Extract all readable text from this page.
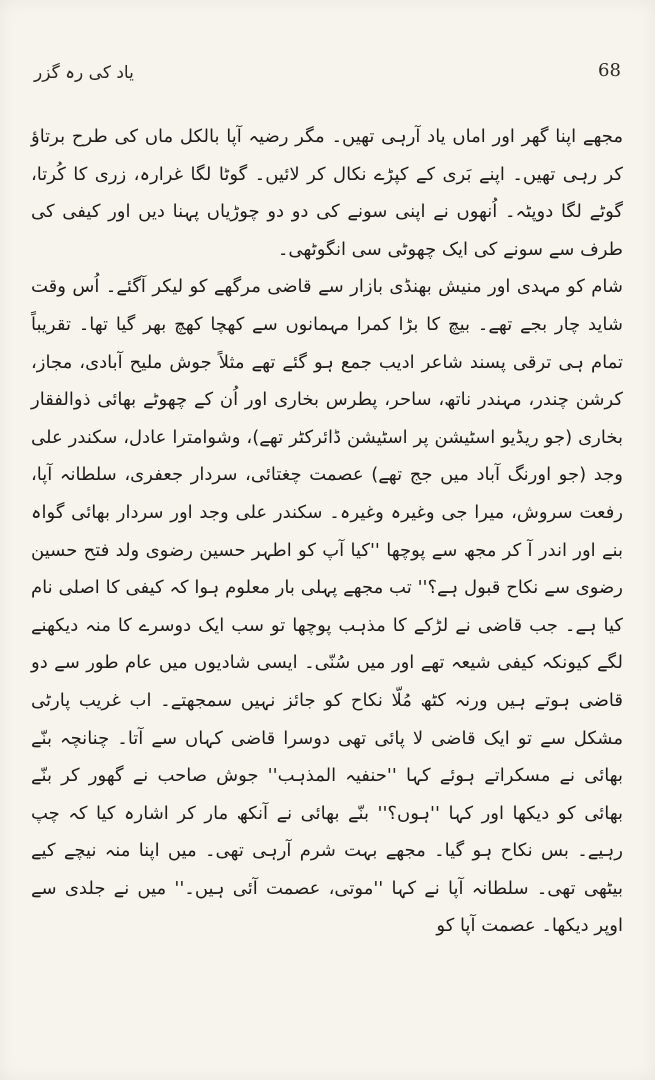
68
یاد کی رہ گزر

مجھے اپنا گھر اور اماں یاد آرہی تھیں۔ مگر رضیہ آپا بالکل ماں کی طرح برتاؤ کر رہی تھیں۔ اپنے بَری کے کپڑے نکال کر لائیں۔ گوٹا لگا غرارہ، زری کا کُرتا، گوٹے لگا دوپٹہ۔ اُنھوں نے اپنی سونے کی دو دو چوڑیاں پہنا دیں اور کیفی کی طرف سے سونے کی ایک چھوٹی سی انگوٹھی۔

شام کو مہدی اور منیش بھنڈی بازار سے قاضی مرگھے کو لیکر آگئے۔ اُس وقت شاید چار بجے تھے۔ بیچ کا بڑا کمرا مہمانوں سے کھچا کھچ بھر گیا تھا۔ تقریباً تمام ہی ترقی پسند شاعر ادیب جمع ہو گئے تھے مثلاً جوش ملیح آبادی، مجاز، کرشن چندر، مہندر ناتھ، ساحر، پطرس بخاری اور اُن کے چھوٹے بھائی ذوالفقار بخاری (جو ریڈیو اسٹیشن پر اسٹیشن ڈائرکٹر تھے)، وشوامترا عادل، سکندر علی وجد (جو اورنگ آباد میں جج تھے) عصمت چغتائی، سردار جعفری، سلطانہ آپا، رفعت سروش، میرا جی وغیرہ وغیرہ۔ سکندر علی وجد اور سردار بھائی گواہ بنے اور اندر آ کر مجھ سے پوچھا ''کیا آپ کو اطہر حسین رضوی ولد فتح حسین رضوی سے نکاح قبول ہے؟'' تب مجھے پہلی بار معلوم ہوا کہ کیفی کا اصلی نام کیا ہے۔ جب قاضی نے لڑکے کا مذہب پوچھا تو سب ایک دوسرے کا منہ دیکھنے لگے کیونکہ کیفی شیعہ تھے اور میں سُنّی۔ ایسی شادیوں میں عام طور سے دو قاضی ہوتے ہیں ورنہ کٹھ مُلّا نکاح کو جائز نہیں سمجھتے۔ اب غریب پارٹی مشکل سے تو ایک قاضی لا پائی تھی دوسرا قاضی کہاں سے آتا۔ چنانچہ بنّے بھائی نے مسکراتے ہوئے کہا ''حنفیہ المذہب'' جوش صاحب نے گھور کر بنّے بھائی کو دیکھا اور کہا ''ہوں؟'' بنّے بھائی نے آنکھ مار کر اشارہ کیا کہ چپ رہیے۔ بس نکاح ہو گیا۔ مجھے بہت شرم آرہی تھی۔ میں اپنا منہ نیچے کیے بیٹھی تھی۔ سلطانہ آپا نے کہا ''موتی، عصمت آئی ہیں۔'' میں نے جلدی سے اوپر دیکھا۔ عصمت آپا کو
